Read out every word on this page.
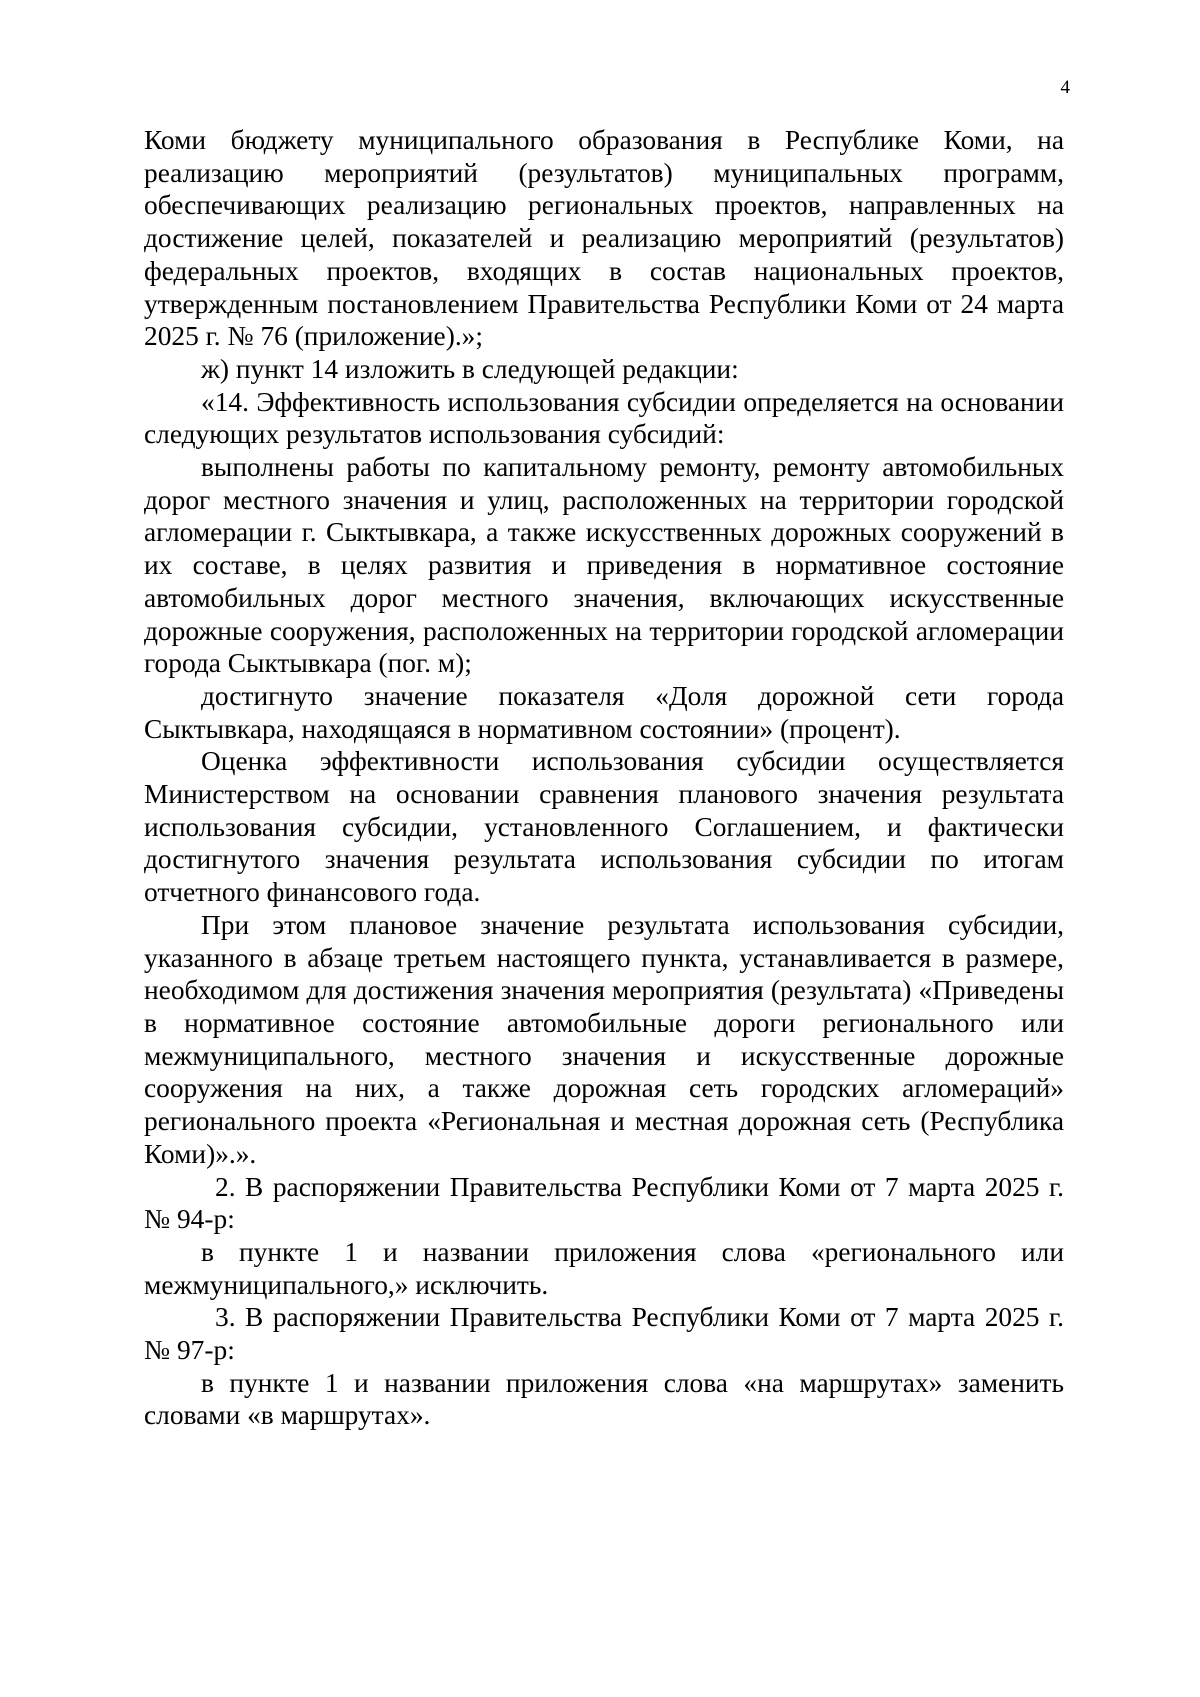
4

Коми бюджету муниципального образования в Республике Коми, на реализацию мероприятий (результатов) муниципальных программ, обеспечивающих реализацию региональных проектов, направленных на достижение целей, показателей и реализацию мероприятий (результатов) федеральных проектов, входящих в состав национальных проектов, утвержденным постановлением Правительства Республики Коми от 24 марта 2025 г. № 76 (приложение).»;

ж) пункт 14 изложить в следующей редакции:

«14. Эффективность использования субсидии определяется на основании следующих результатов использования субсидий:

выполнены работы по капитальному ремонту, ремонту автомобильных дорог местного значения и улиц, расположенных на территории городской агломерации г. Сыктывкара, а также искусственных дорожных сооружений в их составе, в целях развития и приведения в нормативное состояние автомобильных дорог местного значения, включающих искусственные дорожные сооружения, расположенных на территории городской агломерации города Сыктывкара (пог. м);

достигнуто значение показателя «Доля дорожной сети города Сыктывкара, находящаяся в нормативном состоянии» (процент).

Оценка эффективности использования субсидии осуществляется Министерством на основании сравнения планового значения результата использования субсидии, установленного Соглашением, и фактически достигнутого значения результата использования субсидии по итогам отчетного финансового года.

При этом плановое значение результата использования субсидии, указанного в абзаце третьем настоящего пункта, устанавливается в размере, необходимом для достижения значения мероприятия (результата) «Приведены в нормативное состояние автомобильные дороги регионального или межмуниципального, местного значения и искусственные дорожные сооружения на них, а также дорожная сеть городских агломераций» регионального проекта «Региональная и местная дорожная сеть (Республика Коми)».».

2. В распоряжении Правительства Республики Коми от 7 марта 2025 г. № 94-р:

в пункте 1 и названии приложения слова «регионального или межмуниципального,» исключить.

3. В распоряжении Правительства Республики Коми от 7 марта 2025 г. № 97-р:

в пункте 1 и названии приложения слова «на маршрутах» заменить словами «в маршрутах».
